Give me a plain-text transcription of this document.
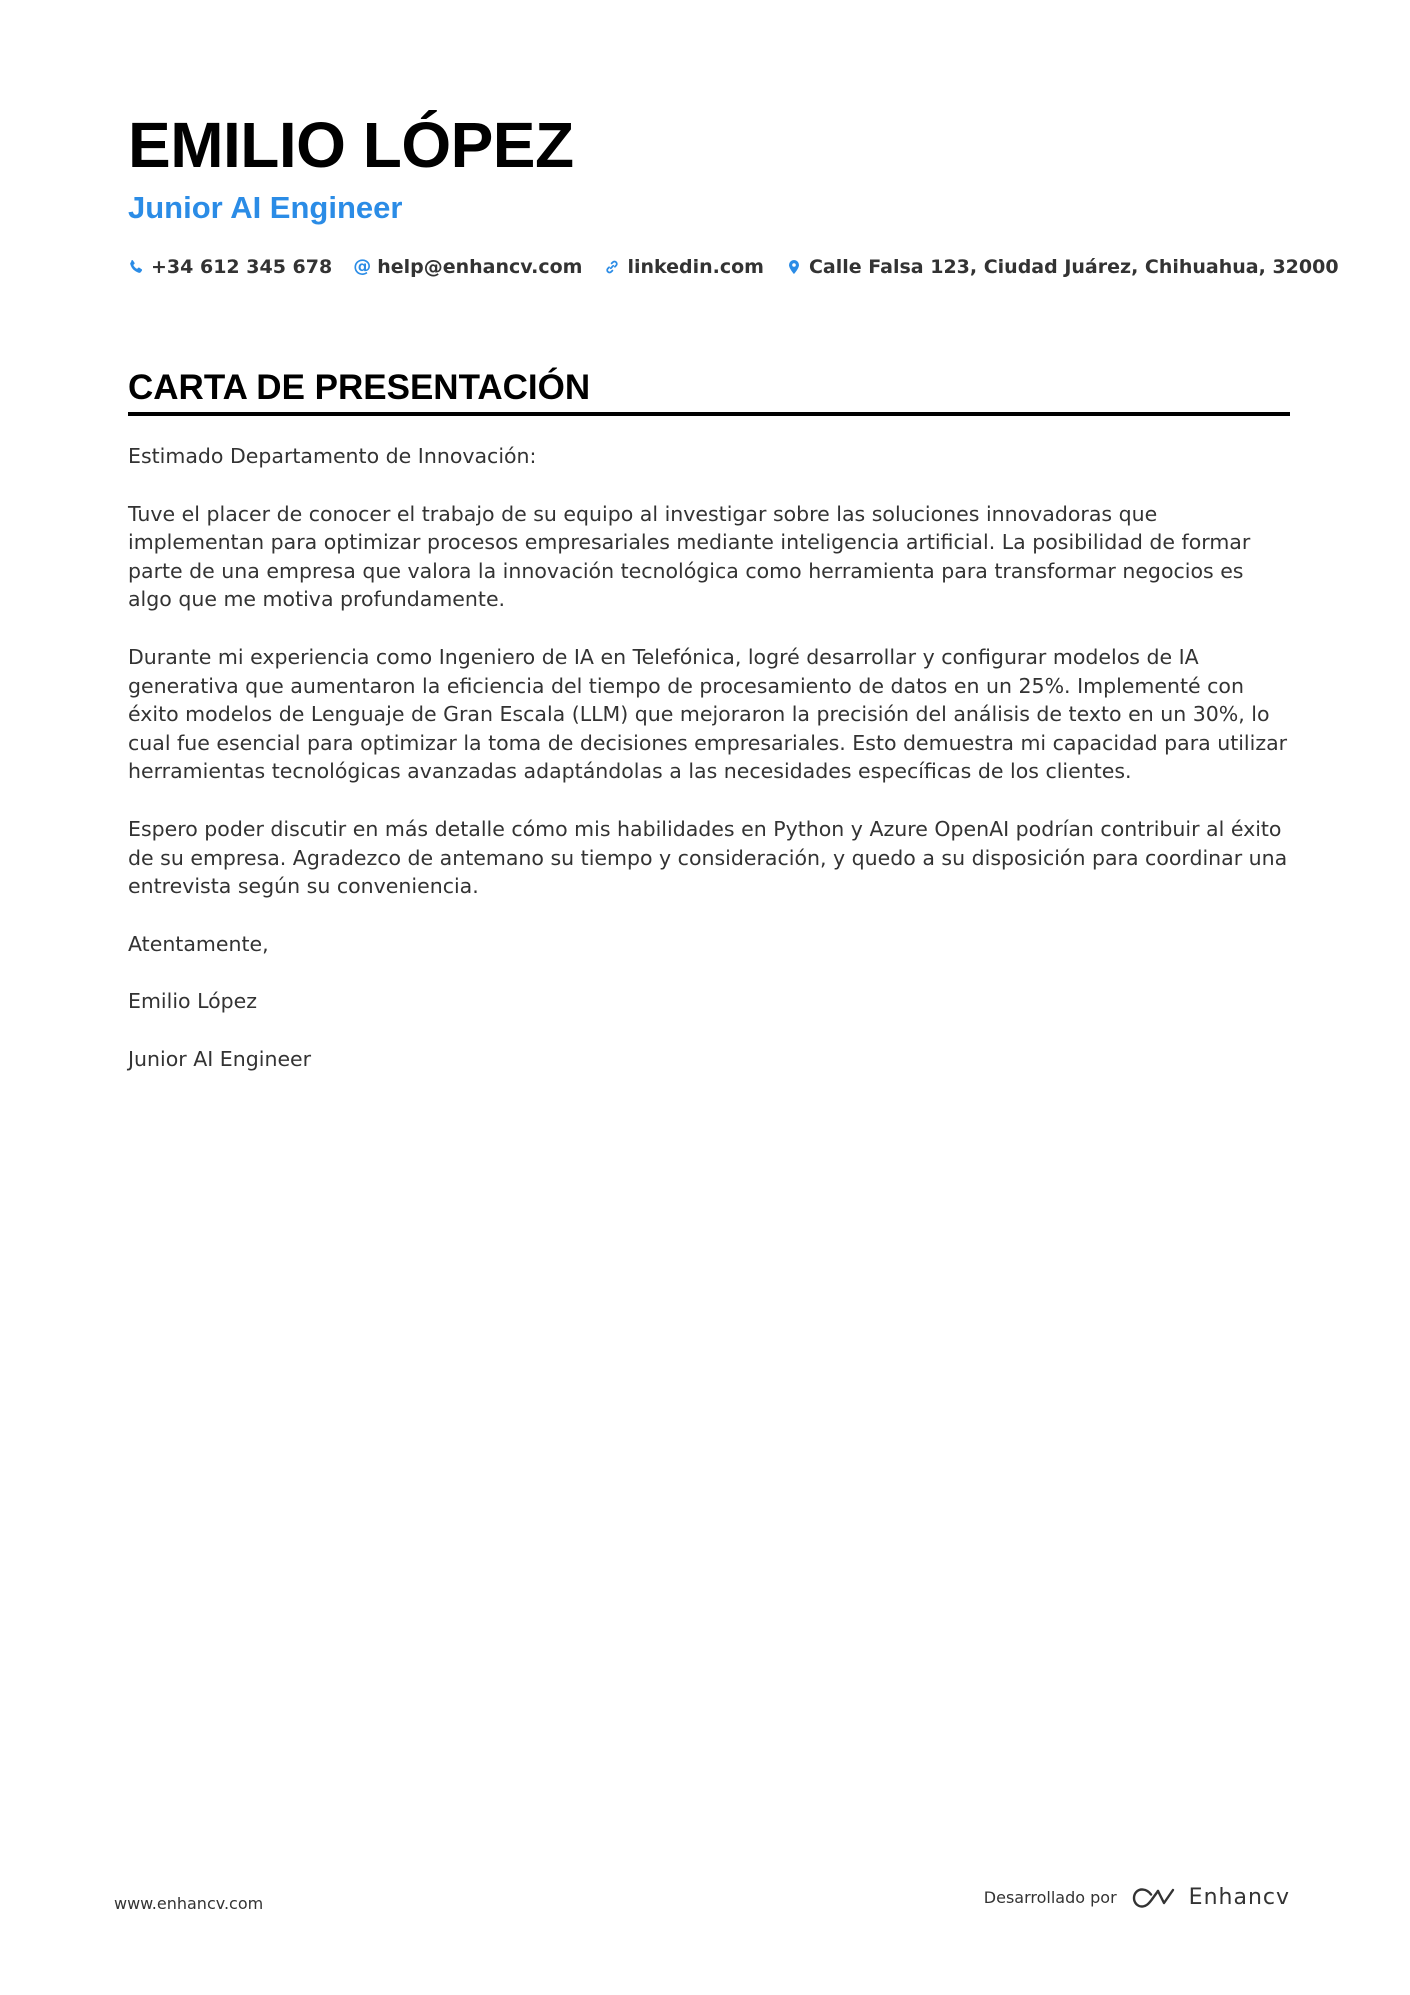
EMILIO LÓPEZ
Junior AI Engineer
+34 612 345 678 @ help@enhancv.com linkedin.com Calle Falsa 123, Ciudad Juárez, Chihuahua, 32000
CARTA DE PRESENTACIÓN

Estimado Departamento de Innovación:

Tuve el placer de conocer el trabajo de su equipo al investigar sobre las soluciones innovadoras que implementan para optimizar procesos empresariales mediante inteligencia artificial. La posibilidad de formar parte de una empresa que valora la innovación tecnológica como herramienta para transformar negocios es algo que me motiva profundamente.

Durante mi experiencia como Ingeniero de IA en Telefónica, logré desarrollar y configurar modelos de IA generativa que aumentaron la eficiencia del tiempo de procesamiento de datos en un 25%. Implementé con éxito modelos de Lenguaje de Gran Escala (LLM) que mejoraron la precisión del análisis de texto en un 30%, lo cual fue esencial para optimizar la toma de decisiones empresariales. Esto demuestra mi capacidad para utilizar herramientas tecnológicas avanzadas adaptándolas a las necesidades específicas de los clientes.

Espero poder discutir en más detalle cómo mis habilidades en Python y Azure OpenAI podrían contribuir al éxito de su empresa. Agradezco de antemano su tiempo y consideración, y quedo a su disposición para coordinar una entrevista según su conveniencia.

Atentamente,

Emilio López

Junior AI Engineer

www.enhancv.com	Desarrollado por	Enhancv
